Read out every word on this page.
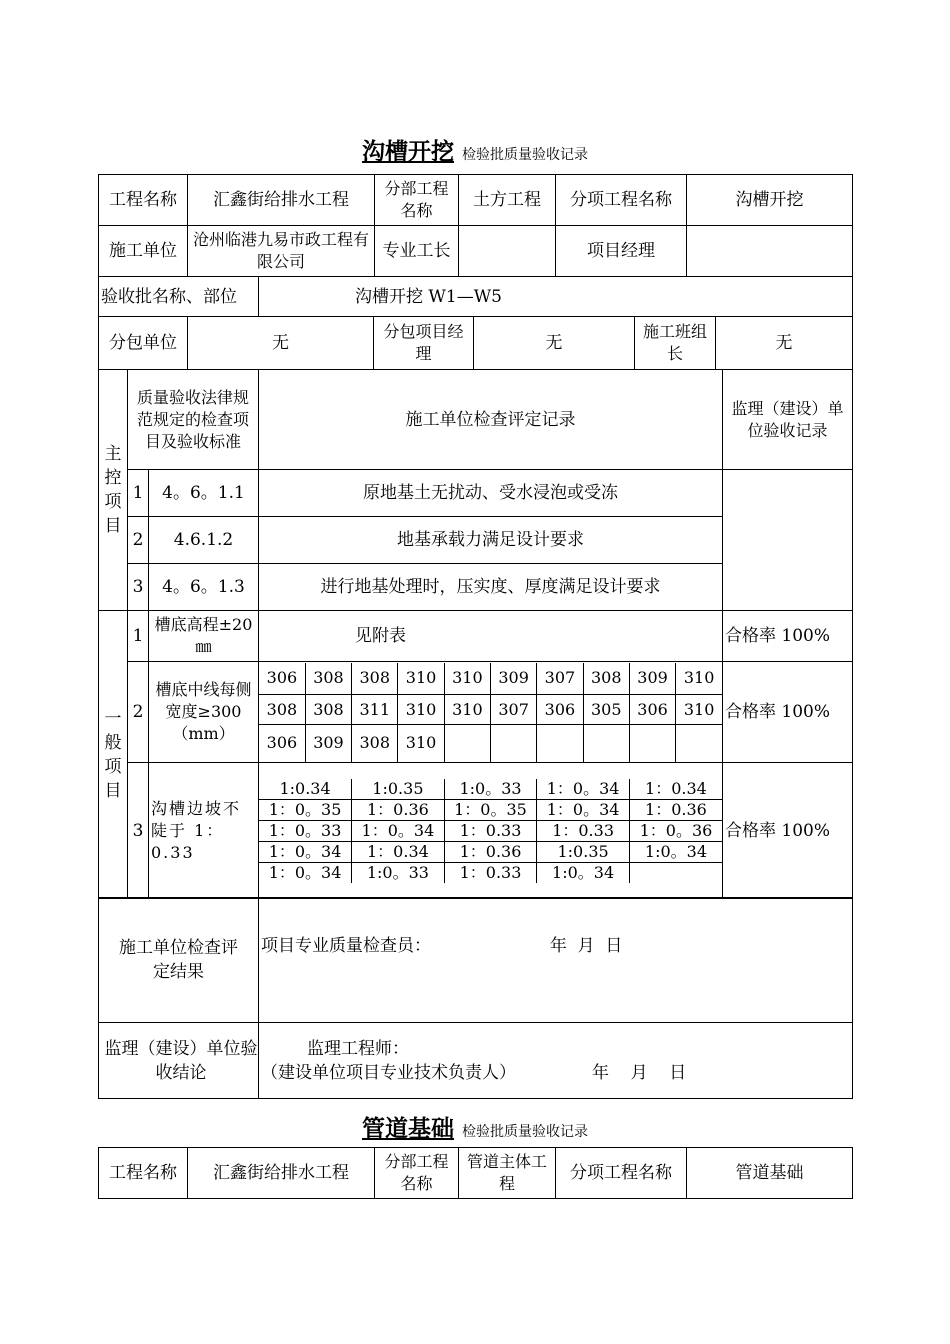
沟槽开挖 检验批质量验收记录
工程名称	汇鑫街给排水工程	分部工程名称	土方工程	分项工程名称	沟槽开挖
施工单位	沧州临港九易市政工程有限公司	专业工长		项目经理	
验收批名称、部位	沟槽开挖 W1—W5
分包单位	无	分包项目经理	无	施工班组长	无
主控项目	质量验收法律规范规定的检查项目及验收标准	施工单位检查评定记录	监理（建设）单位验收记录
1	4。6。1.1	原地基土无扰动、受水浸泡或受冻	
2	4.6.1.2	地基承载力满足设计要求
3	4。6。1.3	进行地基处理时，压实度、厚度满足设计要求
一般项目	1	槽底高程±20㎜	见附表	合格率 100%
2	槽底中线每侧宽度≥300（mm）	
306	308	308	310	310	309	307	308	309	310
308	308	311	310	310	307	306	305	306	310
306	309	308	310						
	合格率 100%
3	沟槽边坡不陡于 1：0.33	
1:0.34	1:0.35	1:0。33	1：0。34	1：0.34
1：0。35	1：0.36	1：0。35	1：0。34	1：0.36
1：0。33	1：0。34	1：0.33	1：0.33	1：0。36
1：0。34	1：0.34	1：0.36	1:0.35	1:0。34
1：0。34	1:0。33	1：0.33	1:0。34	
	合格率 100%
施工单位检查评定结果	项目专业质量检查员： 年  月  日
监理（建设）单位验收结论	监理工程师：
（建设单位项目专业技术负责人） 年    月    日
管道基础 检验批质量验收记录
工程名称	汇鑫街给排水工程	分部工程名称	管道主体工程	分项工程名称	管道基础
